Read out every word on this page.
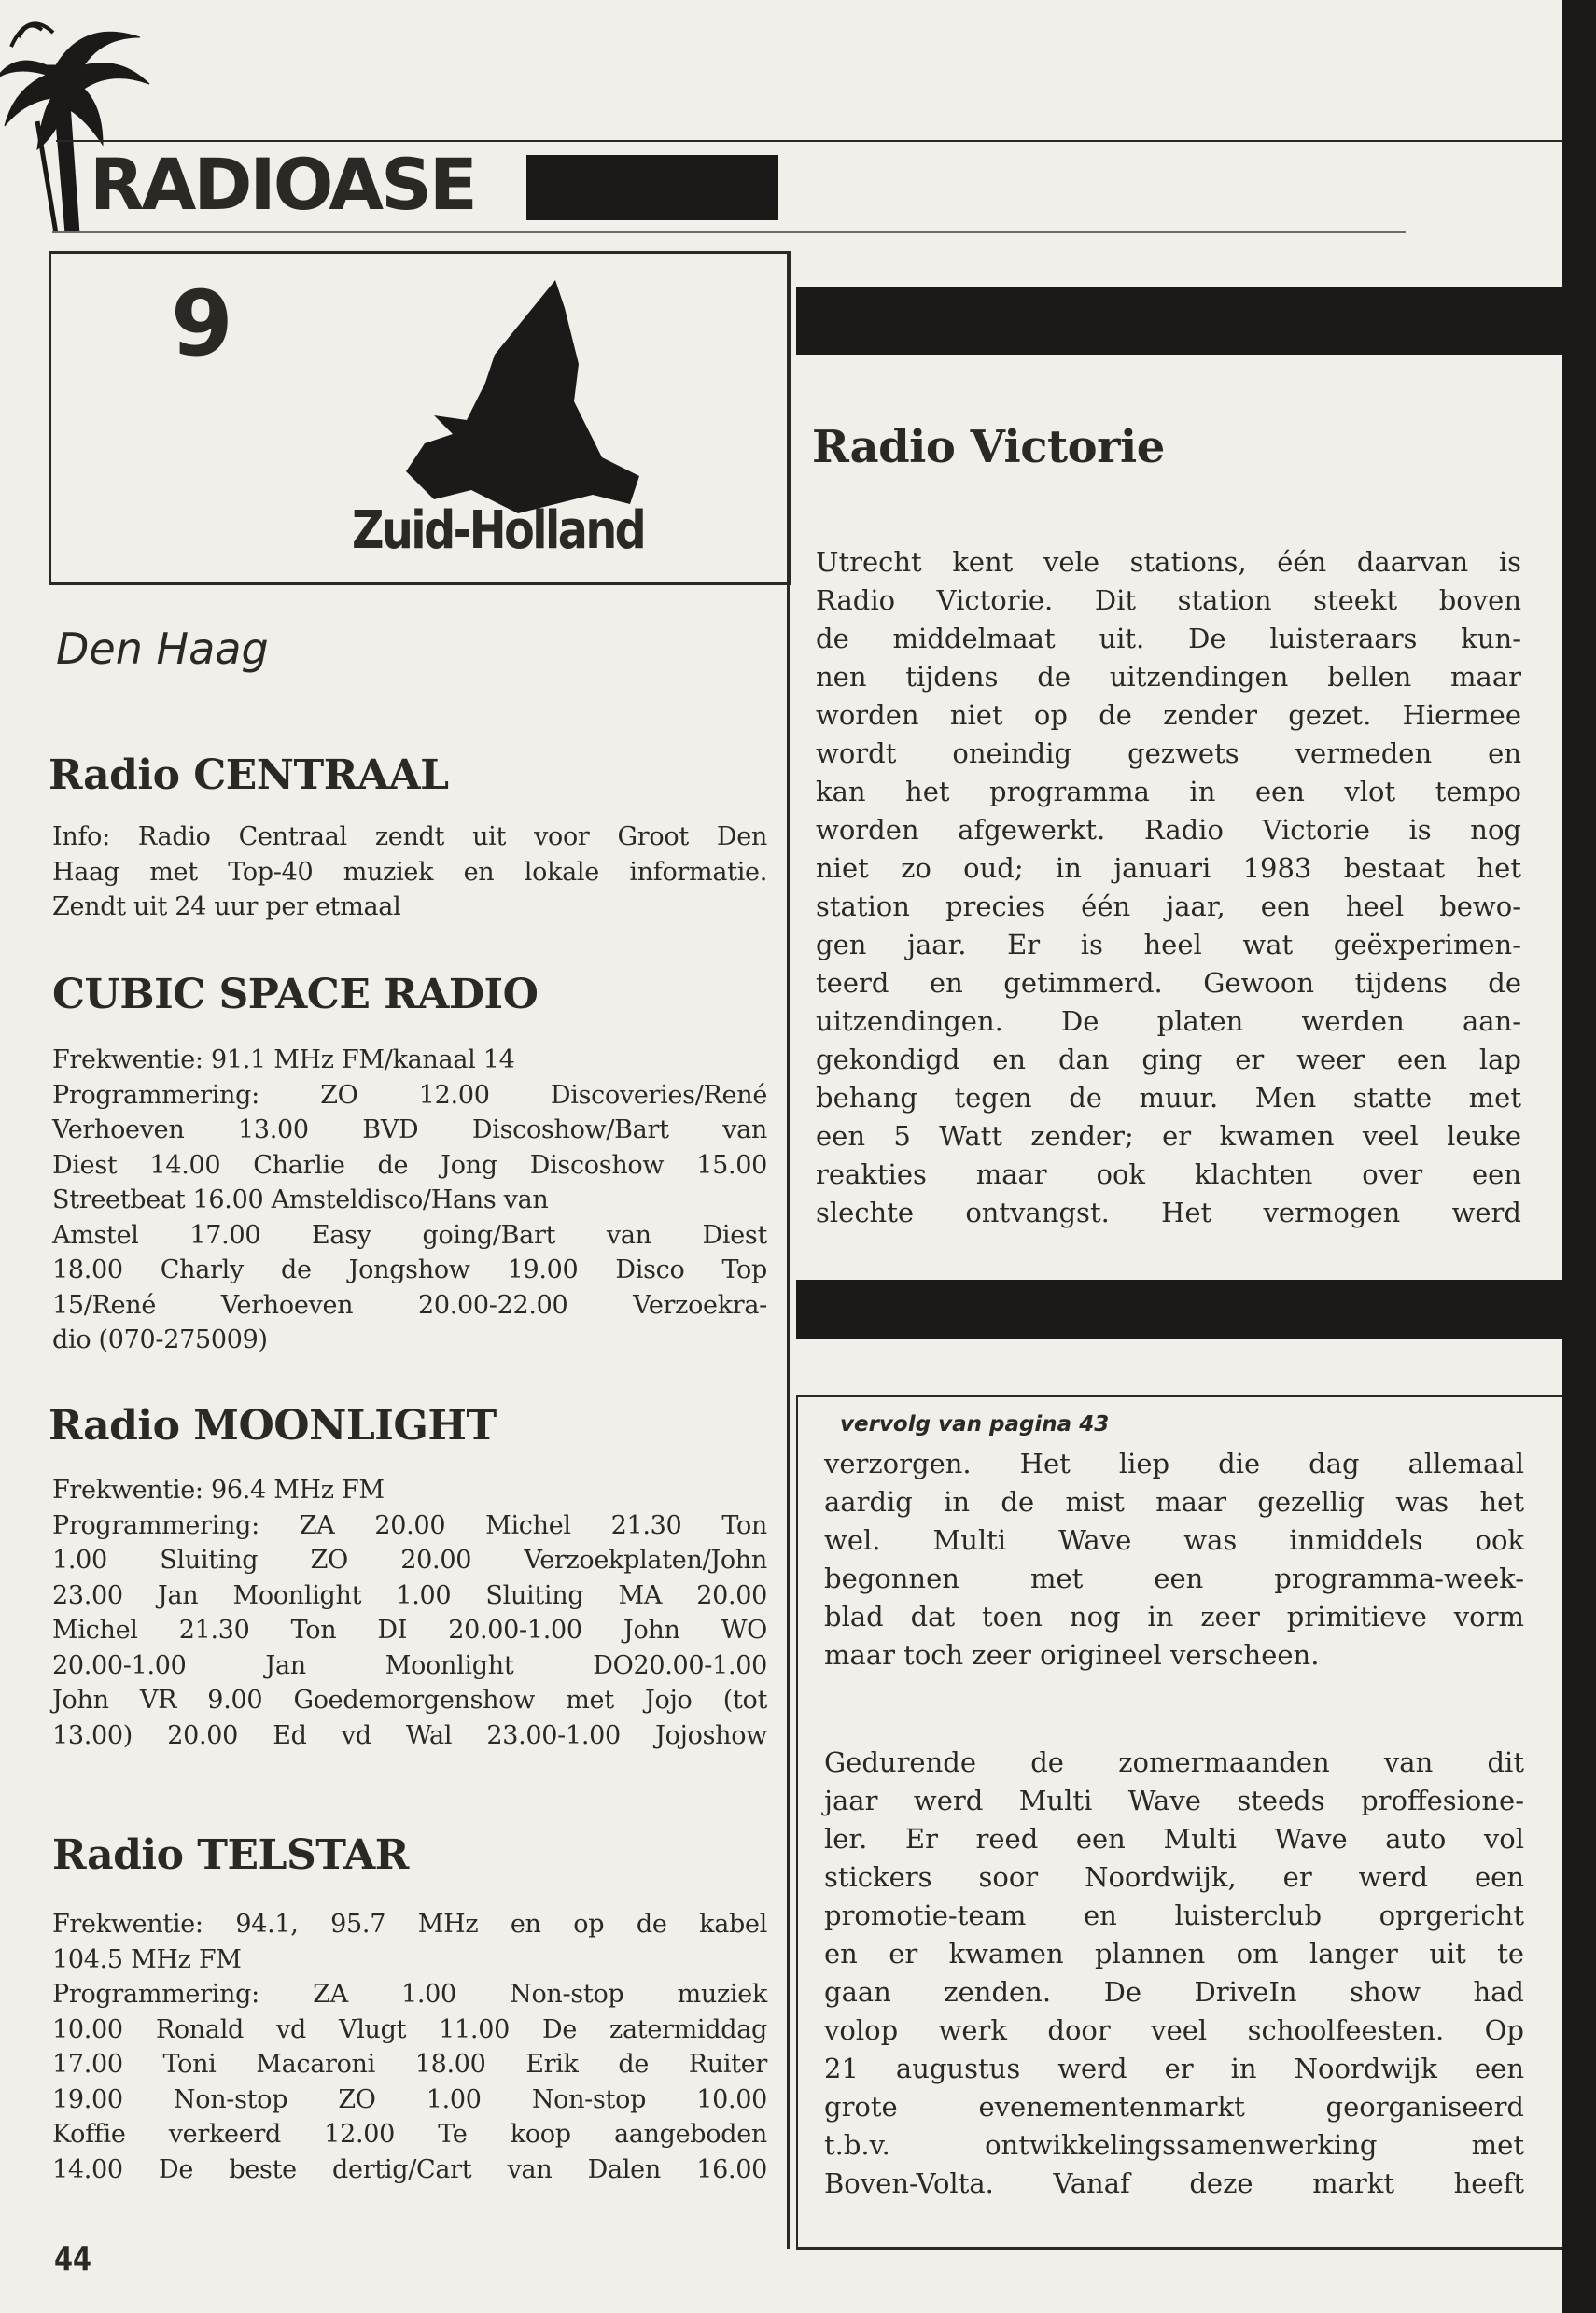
RADIOASE
9
Zuid-Holland
Den Haag
Radio CENTRAAL
Info: Radio Centraal zendt uit voor Groot Den
Haag met Top-40 muziek en lokale informatie.
Zendt uit 24 uur per etmaal
CUBIC SPACE RADIO
Frekwentie: 91.1 MHz FM/kanaal 14
Programmering: ZO 12.00 Discoveries/René
Verhoeven 13.00 BVD Discoshow/Bart van
Diest 14.00 Charlie de Jong Discoshow 15.00
Streetbeat 16.00 Amsteldisco/Hans van
Amstel 17.00 Easy going/Bart van Diest
18.00 Charly de Jongshow 19.00 Disco Top
15/René Verhoeven 20.00-22.00 Verzoekra-
dio (070-275009)
Radio MOONLIGHT
Frekwentie: 96.4 MHz FM
Programmering: ZA 20.00 Michel 21.30 Ton
1.00 Sluiting ZO 20.00 Verzoekplaten/John
23.00 Jan Moonlight 1.00 Sluiting MA 20.00
Michel 21.30 Ton DI 20.00-1.00 John WO
20.00-1.00 Jan Moonlight DO20.00-1.00
John VR 9.00 Goedemorgenshow met Jojo (tot
13.00) 20.00 Ed vd Wal 23.00-1.00 Jojoshow
Radio TELSTAR
Frekwentie: 94.1, 95.7 MHz en op de kabel
104.5 MHz FM
Programmering: ZA 1.00 Non-stop muziek
10.00 Ronald vd Vlugt 11.00 De zatermiddag
17.00 Toni Macaroni 18.00 Erik de Ruiter
19.00 Non-stop ZO 1.00 Non-stop 10.00
Koffie verkeerd 12.00 Te koop aangeboden
14.00 De beste dertig/Cart van Dalen 16.00
44
Radio Victorie
Utrecht kent vele stations, één daarvan is
Radio Victorie. Dit station steekt boven
de middelmaat uit. De luisteraars kun-
nen tijdens de uitzendingen bellen maar
worden niet op de zender gezet. Hiermee
wordt oneindig gezwets vermeden en
kan het programma in een vlot tempo
worden afgewerkt. Radio Victorie is nog
niet zo oud; in januari 1983 bestaat het
station precies één jaar, een heel bewo-
gen jaar. Er is heel wat geëxperimen-
teerd en getimmerd. Gewoon tijdens de
uitzendingen. De platen werden aan-
gekondigd en dan ging er weer een lap
behang tegen de muur. Men statte met
een 5 Watt zender; er kwamen veel leuke
reakties maar ook klachten over een
slechte ontvangst. Het vermogen werd
vervolg van pagina 43
verzorgen. Het liep die dag allemaal
aardig in de mist maar gezellig was het
wel. Multi Wave was inmiddels ook
begonnen met een programma-week-
blad dat toen nog in zeer primitieve vorm
maar toch zeer origineel verscheen.
Gedurende de zomermaanden van dit
jaar werd Multi Wave steeds proffesione-
ler. Er reed een Multi Wave auto vol
stickers soor Noordwijk, er werd een
promotie-team en luisterclub oprgericht
en er kwamen plannen om langer uit te
gaan zenden. De DriveIn show had
volop werk door veel schoolfeesten. Op
21 augustus werd er in Noordwijk een
grote evenementenmarkt georganiseerd
t.b.v. ontwikkelingssamenwerking met
Boven-Volta. Vanaf deze markt heeft
